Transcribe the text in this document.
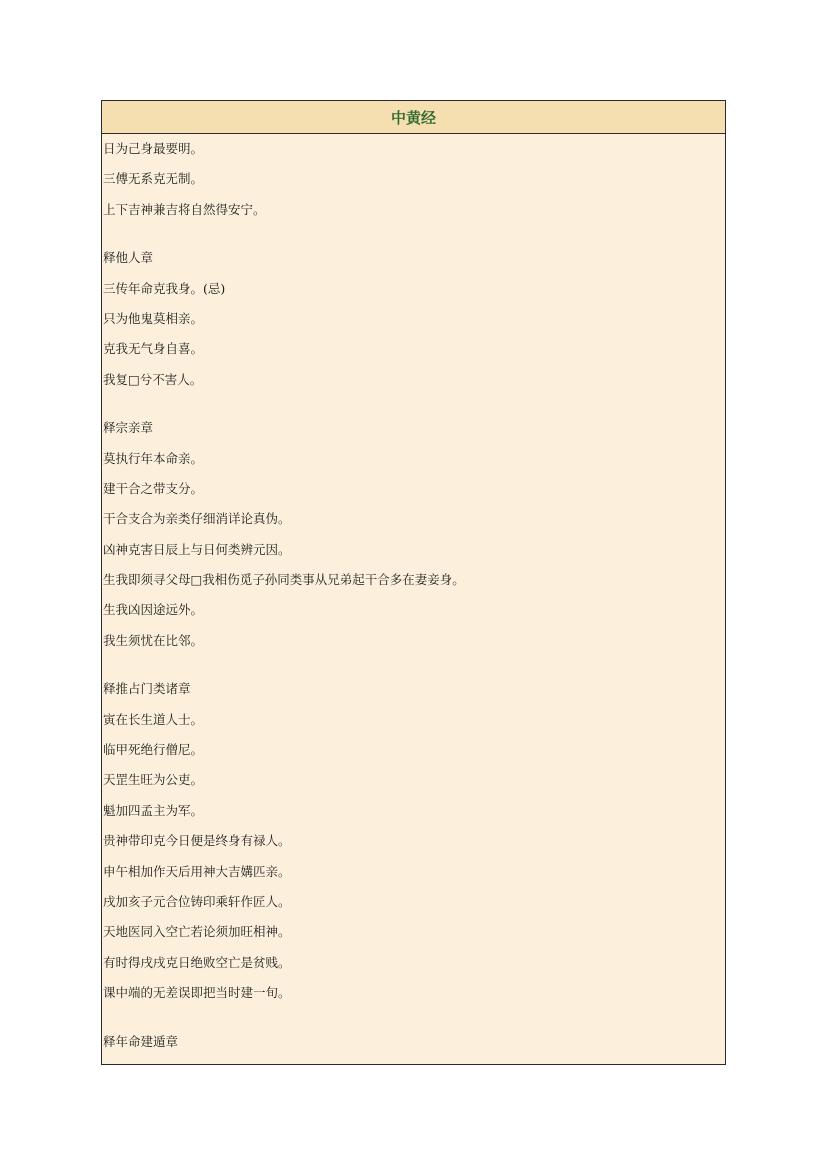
中黄经
日为己身最要明。
三傅无系克无制。
上下吉神兼吉将自然得安宁。
释他人章
三传年命克我身。(忌)
只为他鬼莫相亲。
克我无气身自喜。
我复□兮不害人。
释宗亲章
莫执行年本命亲。
建干合之带支分。
干合支合为亲类仔细消详论真伪。
凶神克害日辰上与日何类辨元因。
生我即须寻父母□我相伤觅子孙同类事从兄弟起干合多在妻妾身。
生我凶因途远外。
我生须忧在比邻。
释推占门类诸章
寅在长生道人士。
临甲死绝行僧尼。
天罡生旺为公吏。
魁加四孟主为军。
贵神带印克今日便是终身有禄人。
申午相加作天后用神大吉媾匹亲。
戌加亥子元合位铸印乘轩作匠人。
天地医同入空亡若论须加旺相神。
有时得戌戌克日绝败空亡是贫贱。
课中端的无差误即把当时建一旬。
释年命建遁章
